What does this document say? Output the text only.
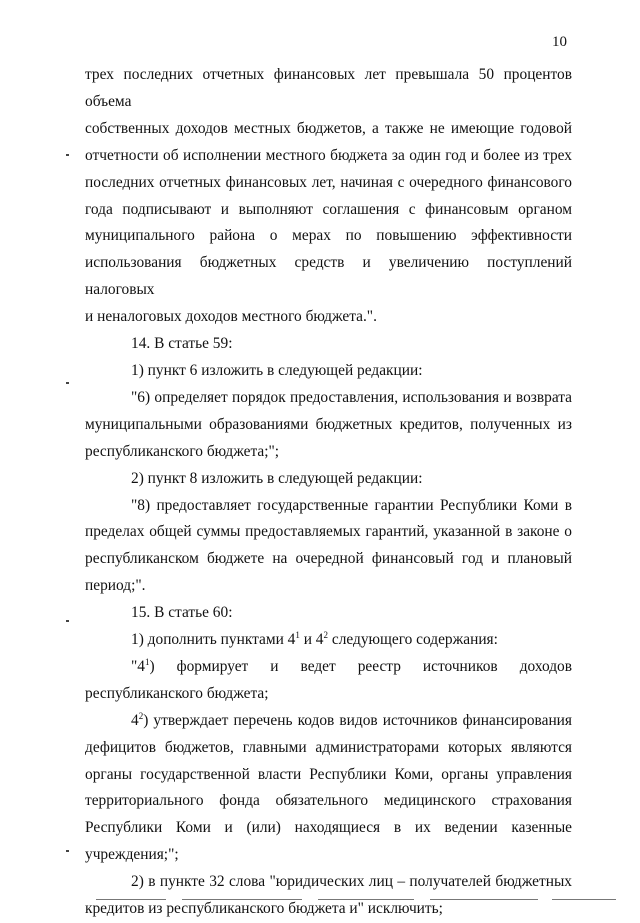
10

трех последних отчетных финансовых лет превышала 50 процентов объема

собственных доходов местных бюджетов, а также не имеющие годовой

отчетности об исполнении местного бюджета за один год и более из трех

последних отчетных финансовых лет, начиная с очередного финансового

года подписывают и выполняют соглашения с финансовым органом

муниципального района о мерах по повышению эффективности

использования бюджетных средств и увеличению поступлений налоговых

и неналоговых доходов местного бюджета.".

14. В статье 59:

1) пункт 6 изложить в следующей редакции:

"6) определяет порядок предоставления, использования и возврата

муниципальными образованиями бюджетных кредитов, полученных из

республиканского бюджета;";

2) пункт 8 изложить в следующей редакции:

"8) предоставляет государственные гарантии Республики Коми в

пределах общей суммы предоставляемых гарантий, указанной в законе о

республиканском бюджете на очередной финансовый год и плановый

период;".

15. В статье 60:

1) дополнить пунктами $4^1$ и $4^2$ следующего содержания:

"$4^1$) формирует и ведет реестр источников доходов

республиканского бюджета;

$4^2$) утверждает перечень кодов видов источников финансирования

дефицитов бюджетов, главными администраторами которых являются

органы государственной власти Республики Коми, органы управления

территориального фонда обязательного медицинского страхования

Республики Коми и (или) находящиеся в их ведении казенные

учреждения;";

2) в пункте 32 слова "юридических лиц – получателей бюджетных

кредитов из республиканского бюджета и" исключить;
